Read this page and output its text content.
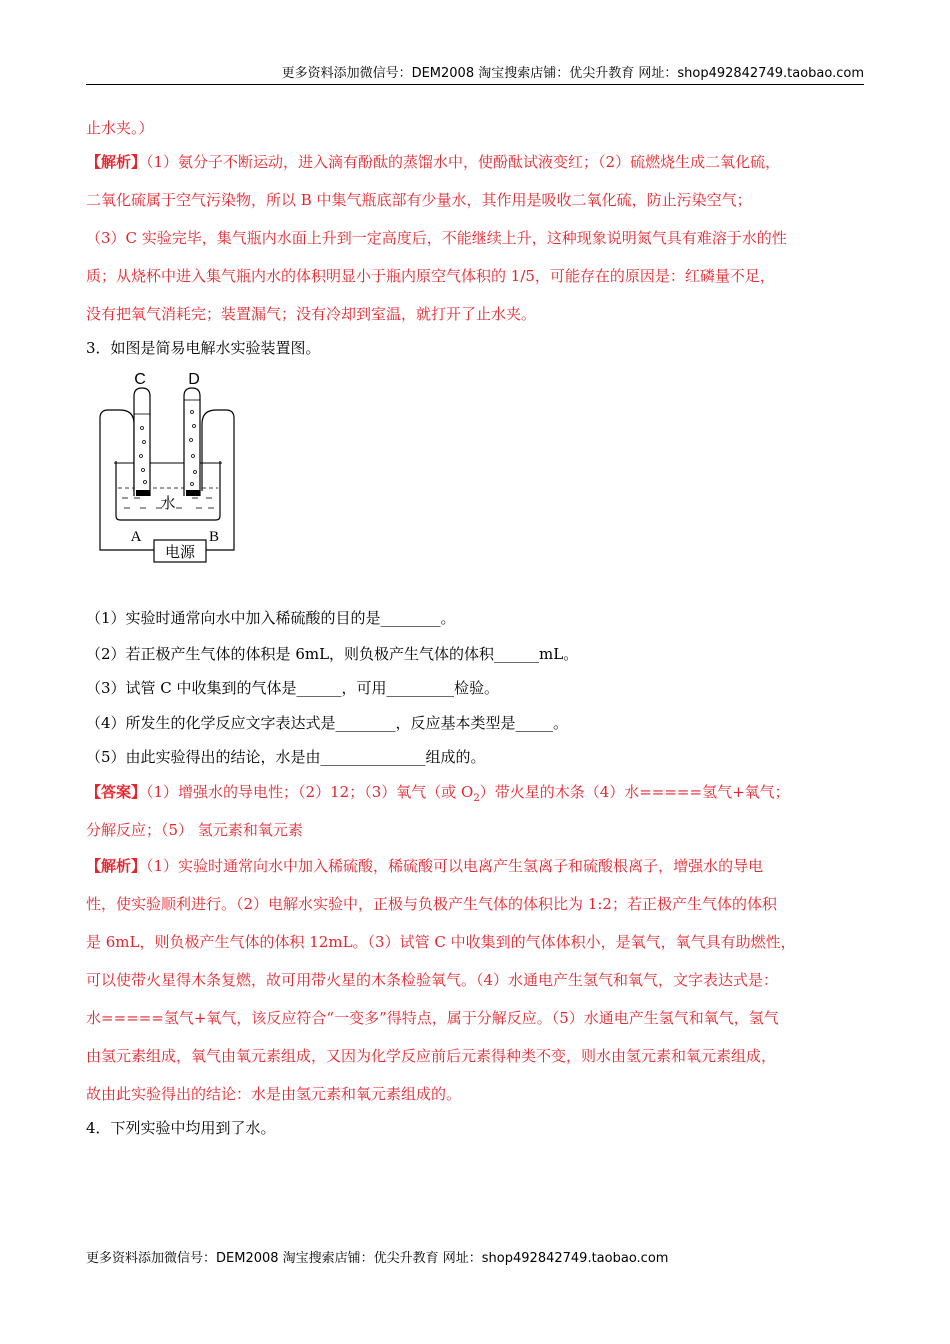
更多资料添加微信号：DEM2008 淘宝搜索店铺：优尖升教育 网址：shop492842749.taobao.com
止水夹。）
【解析】（1）氨分子不断运动，进入滴有酚酞的蒸馏水中，使酚酞试液变红；（2）硫燃烧生成二氧化硫，
二氧化硫属于空气污染物，所以 B 中集气瓶底部有少量水，其作用是吸收二氧化硫，防止污染空气；
（3）C 实验完毕，集气瓶内水面上升到一定高度后，不能继续上升，这种现象说明氮气具有难溶于水的性
质；从烧杯中进入集气瓶内水的体积明显小于瓶内原空气体积的 1/5，可能存在的原因是：红磷量不足，
没有把氧气消耗完；装置漏气；没有冷却到室温，就打开了止水夹。
3．如图是简易电解水实验装置图。
C	D
水
A	B
电源
（1）实验时通常向水中加入稀硫酸的目的是________。
（2）若正极产生气体的体积是 6mL，则负极产生气体的体积______mL。
（3）试管 C 中收集到的气体是______，可用_________检验。
（4）所发生的化学反应文字表达式是________，反应基本类型是_____。
（5）由此实验得出的结论，水是由______________组成的。
【答案】（1）增强水的导电性；（2）12；（3）氧气（或 $O_2$）带火星的木条（4）水=====氢气+氧气；
分解反应；（5） 氢元素和氧元素
【解析】（1）实验时通常向水中加入稀硫酸，稀硫酸可以电离产生氢离子和硫酸根离子，增强水的导电
性，使实验顺利进行。（2）电解水实验中，正极与负极产生气体的体积比为 1:2；若正极产生气体的体积
是 6mL，则负极产生气体的体积 12mL。（3）试管 C 中收集到的气体体积小，是氧气，氧气具有助燃性，
可以使带火星得木条复燃，故可用带火星的木条检验氧气。（4）水通电产生氢气和氧气，文字表达式是：
水=====氢气+氧气，该反应符合“一变多”得特点，属于分解反应。（5）水通电产生氢气和氧气，氢气
由氢元素组成，氧气由氧元素组成，又因为化学反应前后元素得种类不变，则水由氢元素和氧元素组成，
故由此实验得出的结论：水是由氢元素和氧元素组成的。
4．下列实验中均用到了水。
更多资料添加微信号：DEM2008 淘宝搜索店铺：优尖升教育 网址：shop492842749.taobao.com
